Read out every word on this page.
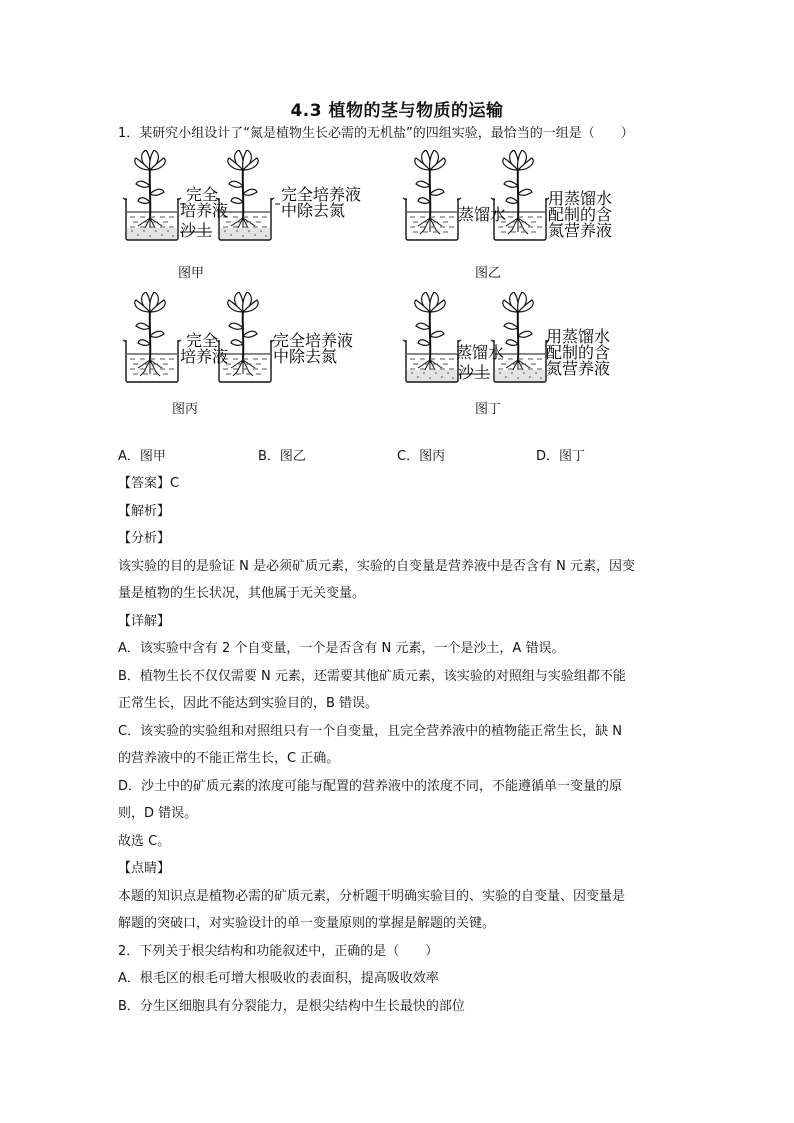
4.3 植物的茎与物质的运输
1．某研究小组设计了“氮是植物生长必需的无机盐”的四组实验，最恰当的一组是（　　）
完全
培养液
完全培养液
中除去氮
沙土
图甲
蒸馏水
用蒸馏水
配制的含
氮营养液
图乙
完全
培养液
完全培养液
中除去氮
图丙
蒸馏水
沙土
用蒸馏水
配制的含
氮营养液
图丁
A．图甲	B．图乙	C．图丙	D．图丁

【答案】C

【解析】

【分析】

该实验的目的是验证 N 是必须矿质元素，实验的自变量是营养液中是否含有 N 元素，因变

量是植物的生长状况，其他属于无关变量。

【详解】

A．该实验中含有 2 个自变量，一个是否含有 N 元素，一个是沙土，A 错误。

B．植物生长不仅仅需要 N 元素，还需要其他矿质元素，该实验的对照组与实验组都不能

正常生长，因此不能达到实验目的，B 错误。

C．该实验的实验组和对照组只有一个自变量，且完全营养液中的植物能正常生长，缺 N

的营养液中的不能正常生长，C 正确。

D．沙土中的矿质元素的浓度可能与配置的营养液中的浓度不同，不能遵循单一变量的原

则，D 错误。

故选 C。

【点睛】

本题的知识点是植物必需的矿质元素，分析题干明确实验目的、实验的自变量、因变量是

解题的突破口，对实验设计的单一变量原则的掌握是解题的关键。

2．下列关于根尖结构和功能叙述中，正确的是（　　）

A．根毛区的根毛可增大根吸收的表面积，提高吸收效率

B．分生区细胞具有分裂能力，是根尖结构中生长最快的部位
